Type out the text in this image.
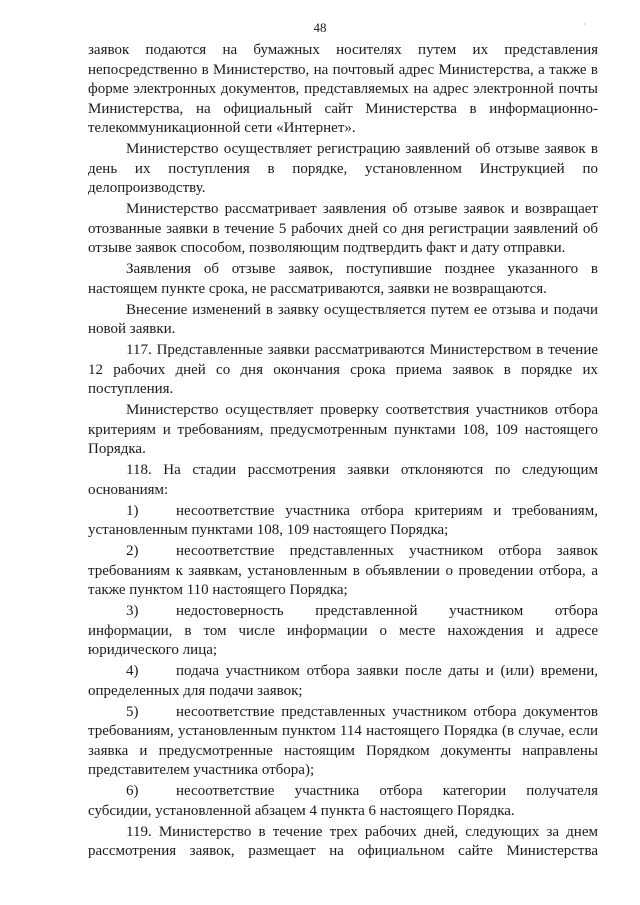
48	·

заявок подаются на бумажных носителях путем их представления непосредственно в Министерство, на почтовый адрес Министерства, а также в форме электронных документов, представляемых на адрес электронной почты Министерства, на официальный сайт Министерства в информационно-телекоммуникационной сети «Интернет».

Министерство осуществляет регистрацию заявлений об отзыве заявок в день их поступления в порядке, установленном Инструкцией по делопроизводству.

Министерство рассматривает заявления об отзыве заявок и возвращает отозванные заявки в течение 5 рабочих дней со дня регистрации заявлений об отзыве заявок способом, позволяющим подтвердить факт и дату отправки.

Заявления об отзыве заявок, поступившие позднее указанного в настоящем пункте срока, не рассматриваются, заявки не возвращаются.

Внесение изменений в заявку осуществляется путем ее отзыва и подачи новой заявки.

117. Представленные заявки рассматриваются Министерством в течение 12 рабочих дней со дня окончания срока приема заявок в порядке их поступления.

Министерство осуществляет проверку соответствия участников отбора критериям и требованиям, предусмотренным пунктами 108, 109 настоящего Порядка.

118. На стадии рассмотрения заявки отклоняются по следующим основаниям:

1)	несоответствие участника отбора критериям и требованиям, установленным пунктами 108, 109 настоящего Порядка;

2)	несоответствие представленных участником отбора заявок требованиям к заявкам, установленным в объявлении о проведении отбора, а также пунктом 110 настоящего Порядка;

3)	недостоверность представленной участником отбора информации, в том числе информации о месте нахождения и адресе юридического лица;

4)	подача участником отбора заявки после даты и (или) времени, определенных для подачи заявок;

5)	несоответствие представленных участником отбора документов требованиям, установленным пунктом 114 настоящего Порядка (в случае, если заявка и предусмотренные настоящим Порядком документы направлены представителем участника отбора);

6)	несоответствие участника отбора категории получателя субсидии, установленной абзацем 4 пункта 6 настоящего Порядка.

119. Министерство в течение трех рабочих дней, следующих за днем рассмотрения заявок, размещает на официальном сайте Министерства
